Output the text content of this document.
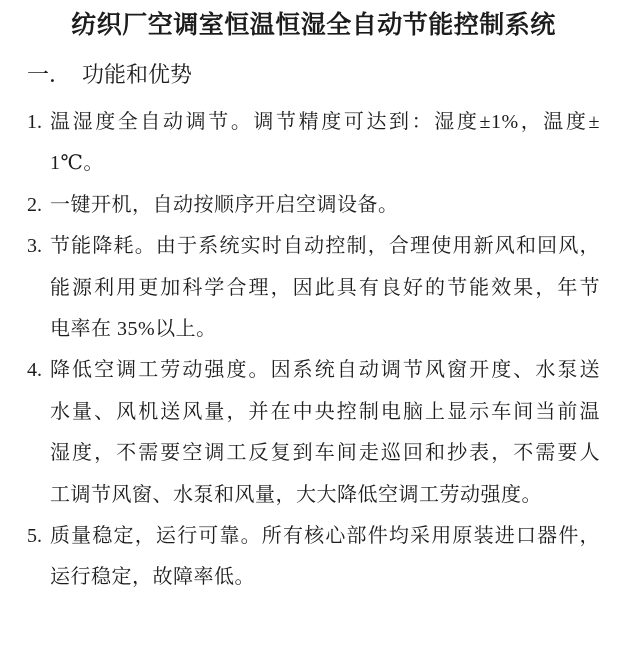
纺织厂空调室恒温恒湿全自动节能控制系统
一． 功能和优势
1. 温湿度全自动调节。调节精度可达到：湿度±1%，温度±
1℃。
2. 一键开机，自动按顺序开启空调设备。
3. 节能降耗。由于系统实时自动控制，合理使用新风和回风，
能源利用更加科学合理，因此具有良好的节能效果，年节
电率在 35%以上。
4. 降低空调工劳动强度。因系统自动调节风窗开度、水泵送
水量、风机送风量，并在中央控制电脑上显示车间当前温
湿度，不需要空调工反复到车间走巡回和抄表，不需要人
工调节风窗、水泵和风量，大大降低空调工劳动强度。
5. 质量稳定，运行可靠。所有核心部件均采用原装进口器件，
运行稳定，故障率低。
